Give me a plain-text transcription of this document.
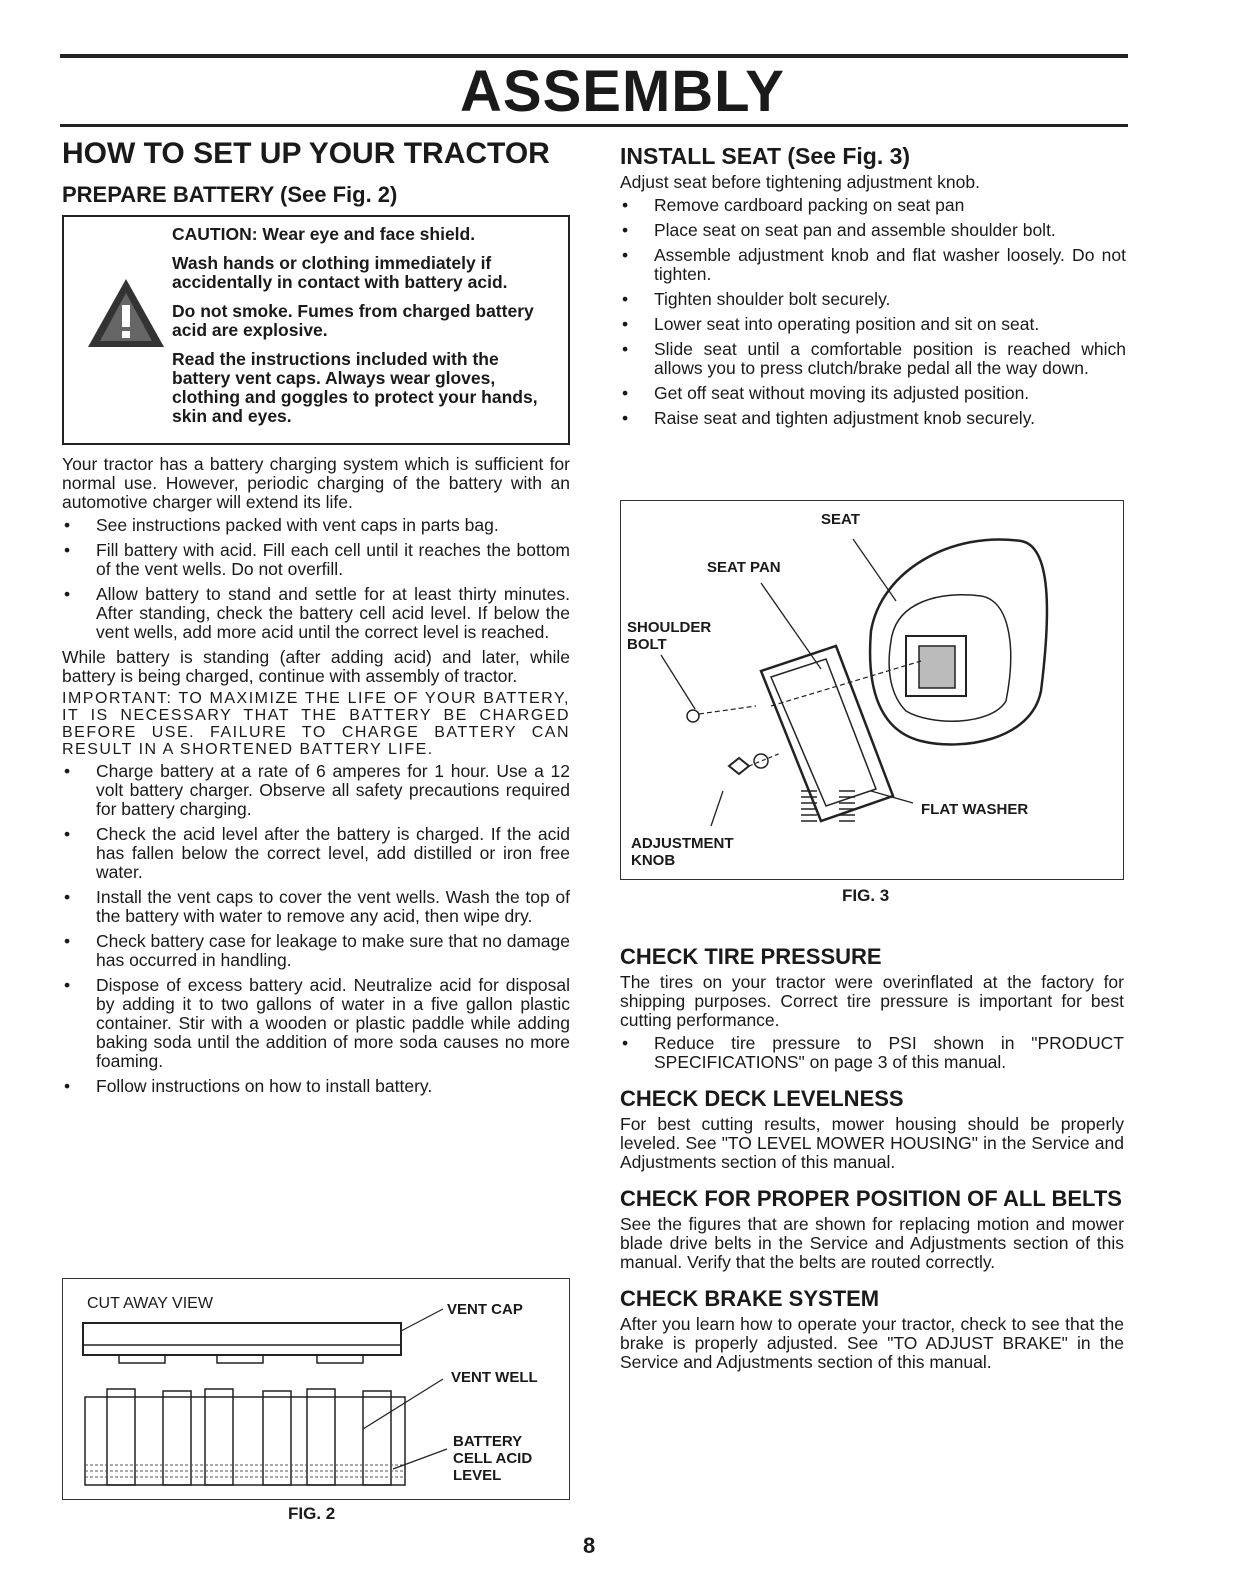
ASSEMBLY
HOW TO SET UP YOUR TRACTOR
PREPARE BATTERY (See Fig. 2)

CAUTION: Wear eye and face shield.

Wash hands or clothing immediately if accidentally in contact with battery acid.

Do not smoke. Fumes from charged battery acid are explosive.

Read the instructions included with the battery vent caps. Always wear gloves, clothing and goggles to protect your hands, skin and eyes.

Your tractor has a battery charging system which is sufficient for normal use. However, periodic charging of the battery with an automotive charger will extend its life.

• See instructions packed with vent caps in parts bag.
• Fill battery with acid. Fill each cell until it reaches the bottom of the vent wells. Do not overfill.
• Allow battery to stand and settle for at least thirty minutes. After standing, check the battery cell acid level. If below the vent wells, add more acid until the correct level is reached.

While battery is standing (after adding acid) and later, while battery is being charged, continue with assembly of tractor.

IMPORTANT: TO MAXIMIZE THE LIFE OF YOUR BATTERY, IT IS NECESSARY THAT THE BATTERY BE CHARGED BEFORE USE. FAILURE TO CHARGE BATTERY CAN RESULT IN A SHORTENED BATTERY LIFE.

• Charge battery at a rate of 6 amperes for 1 hour. Use a 12 volt battery charger. Observe all safety precautions required for battery charging.
• Check the acid level after the battery is charged. If the acid has fallen below the correct level, add distilled or iron free water.
• Install the vent caps to cover the vent wells. Wash the top of the battery with water to remove any acid, then wipe dry.
• Check battery case for leakage to make sure that no damage has occurred in handling.
• Dispose of excess battery acid. Neutralize acid for disposal by adding it to two gallons of water in a five gallon plastic container. Stir with a wooden or plastic paddle while adding baking soda until the addition of more soda causes no more foaming.
• Follow instructions on how to install battery.
CUT AWAY VIEW	VENT CAP
VENT WELL
BATTERY
CELL ACID
LEVEL
FIG. 2
INSTALL SEAT (See Fig. 3)

Adjust seat before tightening adjustment knob.

• Remove cardboard packing on seat pan
• Place seat on seat pan and assemble shoulder bolt.
• Assemble adjustment knob and flat washer loosely. Do not tighten.
• Tighten shoulder bolt securely.
• Lower seat into operating position and sit on seat.
• Slide seat until a comfortable position is reached which allows you to press clutch/brake pedal all the way down.
• Get off seat without moving its adjusted position.
• Raise seat and tighten adjustment knob securely.
SEAT
SEAT PAN
SHOULDER
BOLT
FLAT WASHER
ADJUSTMENT
KNOB
FIG. 3
CHECK TIRE PRESSURE

The tires on your tractor were overinflated at the factory for shipping purposes. Correct tire pressure is important for best cutting performance.

• Reduce tire pressure to PSI shown in "PRODUCT SPECIFICATIONS" on page 3 of this manual.
CHECK DECK LEVELNESS

For best cutting results, mower housing should be properly leveled. See "TO LEVEL MOWER HOUSING" in the Service and Adjustments section of this manual.

CHECK FOR PROPER POSITION OF ALL BELTS

See the figures that are shown for replacing motion and mower blade drive belts in the Service and Adjustments section of this manual. Verify that the belts are routed correctly.

CHECK BRAKE SYSTEM

After you learn how to operate your tractor, check to see that the brake is properly adjusted. See "TO ADJUST BRAKE" in the Service and Adjustments section of this manual.

8
